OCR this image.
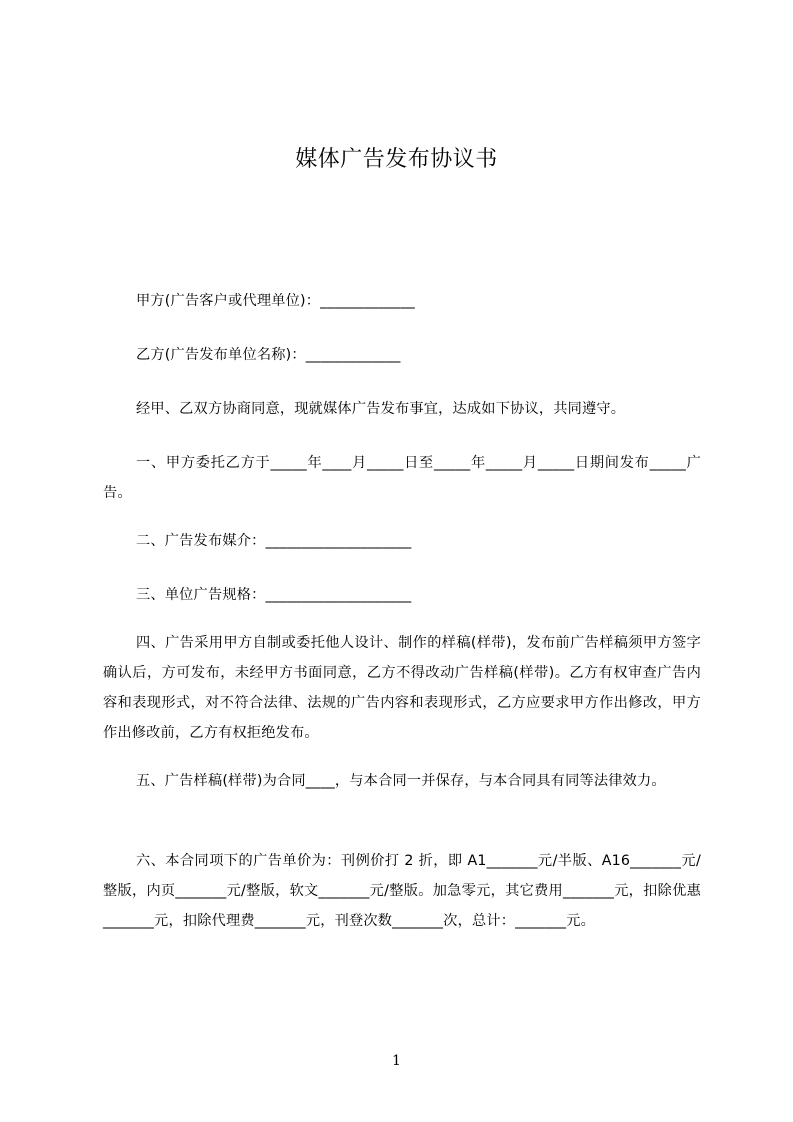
媒体广告发布协议书
甲方(广告客户或代理单位)：_____________
乙方(广告发布单位名称)：_____________
经甲、乙双方协商同意，现就媒体广告发布事宜，达成如下协议，共同遵守。
一、甲方委托乙方于_____年____月_____日至_____年_____月_____日期间发布_____广告。
二、广告发布媒介：____________________
三、单位广告规格：____________________
四、广告采用甲方自制或委托他人设计、制作的样稿(样带)，发布前广告样稿须甲方签字确认后，方可发布，未经甲方书面同意，乙方不得改动广告样稿(样带)。乙方有权审查广告内容和表现形式，对不符合法律、法规的广告内容和表现形式，乙方应要求甲方作出修改，甲方作出修改前，乙方有权拒绝发布。
五、广告样稿(样带)为合同____，与本合同一并保存，与本合同具有同等法律效力。
六、本合同项下的广告单价为：刊例价打 2 折，即 A1_______元/半版、A16_______元/整版，内页_______元/整版，软文_______元/整版。加急零元，其它费用_______元，扣除优惠_______元，扣除代理费_______元，刊登次数_______次，总计：_______元。
1
